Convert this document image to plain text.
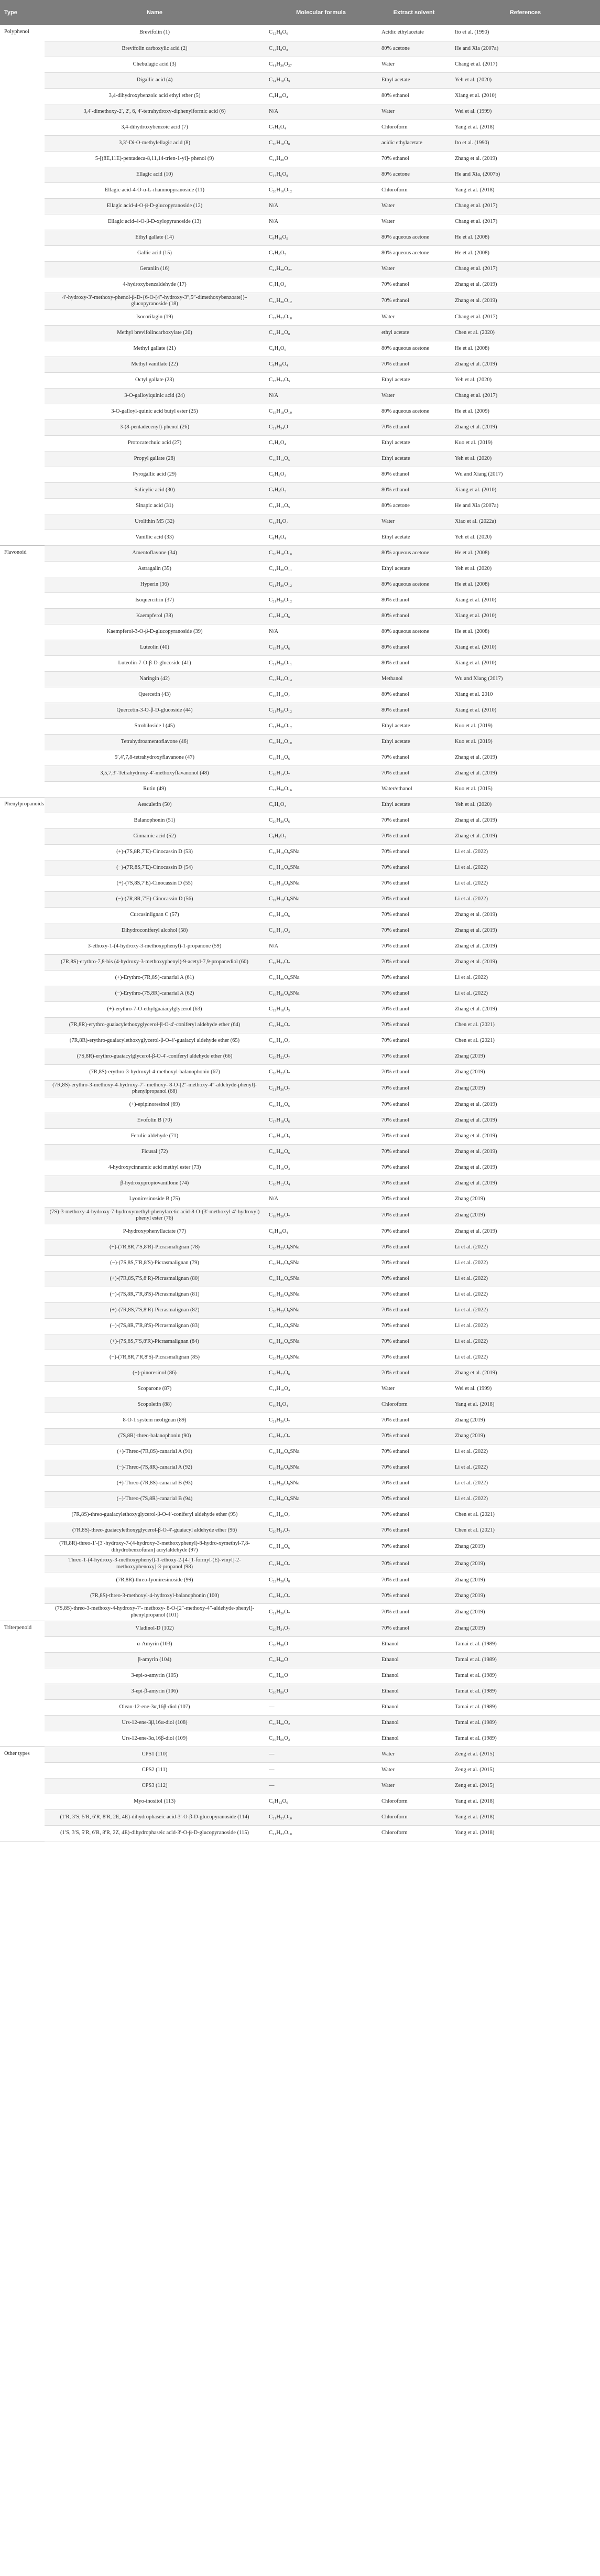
Type	Name	Molecular formula	Extract solvent	References
Polyphenol	Brevifolin (1)	C₁₂H₈O₆	Acidic ethylacetate	Ito et al. (1990)
	Brevifolin carboxylic acid (2)	C₁₃H₈O₈	80% acetone	He and Xia (2007a)
	Chebulagic acid (3)	C₄₁H₃₀O₂₇	Water	Chang et al. (2017)
	Digallic acid (4)	C₁₄H₁₀O₉	Ethyl acetate	Yeh et al. (2020)
	3,4-dihydroxybenzoic acid ethyl ether (5)	C₉H₁₀O₄	80% ethanol	Xiang et al. (2010)
	3,4′-dimethoxy-2′, 2′, 6, 4′-tetrahydroxy-diphenylformic acid (6)	N/A	Water	Wei et al. (1999)
	3,4-dihydroxybenzoic acid (7)	C₇H₆O₄	Chloroform	Yang et al. (2018)
	3,3′-Di-O-methylellagic acid (8)	C₁₆H₁₀O₈	acidic ethylacetate	Ito et al. (1990)
	5-[(8E,11E)-pentadeca-8,11,14-trien-1-yl]- phenol (9)	C₂₁H₃₀O	70% ethanol	Zhang et al. (2019)
	Ellagic acid (10)	C₁₄H₆O₈	80% acetone	He and Xia, (2007b)
	Ellagic acid-4-O-α-L-rhamnopyranoside (11)	C₂₀H₁₆O₁₂	Chloroform	Yang et al. (2018)
	Ellagic acid-4-O-β-D-glucopyranoside (12)	N/A	Water	Chang et al. (2017)
	Ellagic acid-4-O-β-D-xylopyranoside (13)	N/A	Water	Chang et al. (2017)
	Ethyl gallate (14)	C₉H₁₀O₅	80% aqueous acetone	He et al. (2008)
	Gallic acid (15)	C₇H₆O₅	80% aqueous acetone	He et al. (2008)
	Geraniin (16)	C₄₁H₂₈O₂₇	Water	Chang et al. (2017)
	4-hydroxybenzaldehyde (17)	C₇H₆O₂	70% ethanol	Zhang et al. (2019)
	4′-hydroxy-3′-methoxy-phenol-β-D-{6-O-[4″-hydroxy-3″,5″-dimethoxybenzoate]}-glucopyranoside (18)	C₂₂H₂₆O₁₂	70% ethanol	Zhang et al. (2019)
	Isocorilagin (19)	C₂₇H₂₂O₁₈	Water	Chang et al. (2017)
	Methyl brevifolincarboxylate (20)	C₁₄H₁₀O₈	ethyl acetate	Chen et al. (2020)
	Methyl gallate (21)	C₈H₈O₅	80% aqueous acetone	He et al. (2008)
	Methyl vanillate (22)	C₉H₁₀O₄	70% ethanol	Zhang et al. (2019)
	Octyl gallate (23)	C₁₅H₂₂O₅	Ethyl acetate	Yeh et al. (2020)
	3-O-galloylquinic acid (24)	N/A	Water	Chang et al. (2017)
	3-O-galloyl-quinic acid butyl ester (25)	C₁₅H₁₈O₁₀	80% aqueous acetone	He et al. (2009)
	3-(8-pentadecenyl)-phenol (26)	C₂₁H₃₄O	70% ethanol	Zhang et al. (2019)
	Protocatechuic acid (27)	C₇H₆O₄	Ethyl acetate	Kuo et al. (2019)
	Propyl gallate (28)	C₁₀H₁₂O₅	Ethyl acetate	Yeh et al. (2020)
	Pyrogallic acid (29)	C₆H₆O₃	80% ethanol	Wu and Xiang (2017)
	Salicylic acid (30)	C₇H₆O₃	80% ethanol	Xiang et al. (2010)
	Sinapic acid (31)	C₁₁H₁₂O₅	80% acetone	He and Xia (2007a)
	Urolithin M5 (32)	C₁₃H₈O₇	Water	Xiao et al. (2022a)
	Vanillic acid (33)	C₈H₈O₄	Ethyl acetate	Yeh et al. (2020)
Flavonoid	Amentoflavone (34)	C₃₀H₁₈O₁₀	80% aqueous acetone	He et al. (2008)
	Astragalin (35)	C₂₁H₂₀O₁₁	Ethyl acetate	Yeh et al. (2020)
	Hyperin (36)	C₂₁H₂₀O₁₂	80% aqueous acetone	He et al. (2008)
	Isoquercitrin (37)	C₂₁H₂₀O₁₂	80% ethanol	Xiang et al. (2010)
	Kaempferol (38)	C₁₅H₁₀O₆	80% ethanol	Xiang et al. (2010)
	Kaempferol-3-O-β-D-glucopyranoside (39)	N/A	80% aqueous acetone	He et al. (2008)
	Luteolin (40)	C₁₅H₁₀O₆	80% ethanol	Xiang et al. (2010)
	Luteolin-7-O-β-D-glucoside (41)	C₂₁H₂₀O₁₁	80% ethanol	Xiang et al. (2010)
	Naringin (42)	C₂₇H₃₂O₁₄	Methanol	Wu and Xiang (2017)
	Quercetin (43)	C₁₅H₁₀O₇	80% ethanol	Xiang et al. 2010
	Quercetin-3-O-β-D-glucoside (44)	C₂₁H₂₀O₁₂	80% ethanol	Xiang et al. (2010)
	Strobiloside I (45)	C₂₁H₂₀O₁₂	Ethyl acetate	Kuo et al. (2019)
	Tetrahydroamentoflavone (46)	C₃₀H₂₂O₁₀	Ethyl acetate	Kuo et al. (2019)
	5′,4′,7,8-tetrahydroxyflavanone (47)	C₁₅H₁₂O₆	70% ethanol	Zhang et al. (2019)
	3,5,7,3′-Tetrahydroxy-4′-methoxyflavanonol (48)	C₁₆H₁₄O₇	70% ethanol	Zhang et al. (2019)
	Rutin (49)	C₂₇H₃₀O₁₆	Water/ethanol	Kuo et al. (2015)
Phenylpropanoids	Aesculetin (50)	C₉H₆O₄	Ethyl acetate	Yeh et al. (2020)
	Balanophonin (51)	C₂₀H₂₀O₆	70% ethanol	Zhang et al. (2019)
	Cinnamic acid (52)	C₉H₈O₂	70% ethanol	Zhang et al. (2019)
	(+)-(7S,8R,7′E)-Cinocassin D (53)	C₁₉H₁₉O₉SNa	70% ethanol	Li et al. (2022)
	(−)-(7R,8S,7′E)-Cinocassin D (54)	C₁₉H₁₉O₉SNa	70% ethanol	Li et al. (2022)
	(+)-(7S,8S,7′E)-Cinocassin D (55)	C₁₉H₁₉O₉SNa	70% ethanol	Li et al. (2022)
	(−)-(7R,8R,7′E)-Cinocassin D (56)	C₁₉H₁₉O₉SNa	70% ethanol	Li et al. (2022)
	Curcasinlignan C (57)	C₁₉H₁₈O₆	70% ethanol	Zhang et al. (2019)
	Dihydroconiferyl alcohol (58)	C₁₀H₁₄O₃	70% ethanol	Zhang et al. (2019)
	3-ethoxy-1-(4-hydroxy-3-methoxyphenyl)-1-propanone (59)	N/A	70% ethanol	Zhang et al. (2019)
	(7R,8S)-erythro-7,8-bis (4-hydroxy-3-methoxyphenyl)-9-acetyl-7,9-propanediol (60)	C₁₉H₂₂O₇	70% ethanol	Zhang et al. (2019)
	(+)-Erythro-(7R,8S)-canarial A (61)	C₁₉H₂₀O₉SNa	70% ethanol	Li et al. (2022)
	(−)-Erythro-(7S,8R)-canarial A (62)	C₁₉H₂₀O₉SNa	70% ethanol	Li et al. (2022)
	(+)-erythro-7-O-ethylguaiacylglycerol (63)	C₁₂H₁₈O₅	70% ethanol	Zhang et al. (2019)
	(7R,8R)-erythro-guaiacylethoxyglycerol-β-O-4′-coniferyl aldehyde ether (64)	C₂₂H₂₆O₇	70% ethanol	Chen et al. (2021)
	(7R,8R)-erythro-guaiacylethoxyglycerol-β-O-4′-guaiacyl aldehyde ether (65)	C₂₀H₂₄O₇	70% ethanol	Chen et al. (2021)
	(7S,8R)-erythro-guaiacylglycerol-β-O-4′-coniferyl aldehyde ether (66)	C₂₀H₂₂O₇	70% ethanol	Zhang (2019)
	(7R,8S)-erythro-3-hydroxyl-4-methoxyl-balanophonin (67)	C₂₀H₂₂O₇	70% ethanol	Zhang (2019)
	(7R,8S)-erythro-3-methoxy-4-hydroxy-7′- methoxy- 8-O-[2″-methoxy-4″-aldehyde-phenyl]-phenylpropanol (68)	C₂₁H₂₆O₇	70% ethanol	Zhang (2019)
	(+)-epipinoresinol (69)	C₂₀H₂₂O₆	70% ethanol	Zhang et al. (2019)
	Evofolin B (70)	C₁₇H₁₈O₆	70% ethanol	Zhang et al. (2019)
	Ferulic aldehyde (71)	C₁₀H₁₀O₃	70% ethanol	Zhang et al. (2019)
	Ficusal (72)	C₂₀H₂₀O₆	70% ethanol	Zhang et al. (2019)
	4-hydroxycinnamic acid methyl ester (73)	C₁₀H₁₀O₃	70% ethanol	Zhang et al. (2019)
	β-hydroxypropiovanillone (74)	C₁₀H₁₂O₄	70% ethanol	Zhang et al. (2019)
	Lyoniresinoside B (75)	N/A	70% ethanol	Zhang (2019)
	(7S)-3-methoxy-4-hydroxy-7-hydroxymethyl-phenylacetic acid-8-O-(3′-methoxyl-4′-hydroxyl) phenyl ester (76)	C₁₈H₂₀O₇	70% ethanol	Zhang (2019)
	P-hydroxyphenyllactate (77)	C₉H₁₀O₄	70% ethanol	Zhang et al. (2019)
	(+)-(7R,8R,7′S,8′R)-Picrasmalignan (78)	C₂₀H₂₅O₉SNa	70% ethanol	Li et al. (2022)
	(−)-(7S,8S,7′R,8′S)-Picrasmalignan (79)	C₂₀H₂₅O₉SNa	70% ethanol	Li et al. (2022)
	(+)-(7R,8S,7′S,8′R)-Picrasmalignan (80)	C₂₀H₂₅O₉SNa	70% ethanol	Li et al. (2022)
	(−)-(7S,8R,7′R,8′S)-Picrasmalignan (81)	C₂₀H₂₅O₉SNa	70% ethanol	Li et al. (2022)
	(+)-(7R,8S,7′S,8′R)-Picrasmalignan (82)	C₂₀H₂₅O₉SNa	70% ethanol	Li et al. (2022)
	(−)-(7S,8R,7′R,8′S)-Picrasmalignan (83)	C₂₀H₂₅O₉SNa	70% ethanol	Li et al. (2022)
	(+)-(7S,8S,7′S,8′R)-Picrasmalignan (84)	C₂₀H₂₅O₉SNa	70% ethanol	Li et al. (2022)
	(−)-(7R,8R,7′R,8′S)-Picrasmalignan (85)	C₂₀H₂₅O₉SNa	70% ethanol	Li et al. (2022)
	(+)-pinoresinol (86)	C₂₀H₂₂O₆	70% ethanol	Zhang et al. (2019)
	Scoparone (87)	C₁₁H₁₀O₄	Water	Wei et al. (1999)
	Scopoletin (88)	C₁₀H₈O₄	Chloroform	Yang et al. (2018)
	8-O-1 system neolignan (89)	C₂₁H₂₆O₇	70% ethanol	Zhang (2019)
	(7S,8R)-threo-balanophonin (90)	C₂₀H₂₂O₇	70% ethanol	Zhang (2019)
	(+)-Threo-(7R,8S)-canarial A (91)	C₁₉H₂₀O₉SNa	70% ethanol	Li et al. (2022)
	(−)-Threo-(7S,8R)-canarial A (92)	C₁₉H₂₀O₉SNa	70% ethanol	Li et al. (2022)
	(+)-Threo-(7R,8S)-canarial B (93)	C₁₉H₂₀O₉SNa	70% ethanol	Li et al. (2022)
	(−)-Threo-(7S,8R)-canarial B (94)	C₁₉H₂₀O₉SNa	70% ethanol	Li et al. (2022)
	(7R,8S)-threo-guaiacylethoxyglycerol-β-O-4′-coniferyl aldehyde ether (95)	C₂₂H₂₆O₇	70% ethanol	Chen et al. (2021)
	(7R,8S)-threo-guaiacylethoxyglycerol-β-O-4′-guaiacyl aldehyde ether (96)	C₂₀H₂₄O₇	70% ethanol	Chen et al. (2021)
	(7R,8R)-threo-1′-[3′-hydroxy-7-(4-hydroxy-3-methoxyphenyl)-8-hydro-xymethyl-7,8-dihydrobenzofuran] acrylaldehyde (97)	C₁₉H₁₈O₆	70% ethanol	Zhang (2019)
	Threo-1-(4-hydroxy-3-methoxyphenyl)-1-ethoxy-2-[4-[1-formyl-(E)-vinyl]-2-methoxyphenoxy]-3-propanol (98)	C₂₂H₂₆O₇	70% ethanol	Zhang (2019)
	(7R,8R)-threo-lyoniresinoside (99)	C₂₂H₂₈O₈	70% ethanol	Zhang (2019)
	(7R,8S)-threo-3-methoxyl-4-hydroxyl-balanophonin (100)	C₂₀H₂₂O₇	70% ethanol	Zhang (2019)
	(7S,8S)-threo-3-methoxy-4-hydroxy-7′- methoxy- 8-O-[2″-methoxy-4″-aldehyde-phenyl]-phenylpropanol (101)	C₂₁H₂₆O₇	70% ethanol	Zhang (2019)
Triterpenoid	Vladinol-D (102)	C₂₀H₂₄O₇	70% ethanol	Zhang (2019)
	α-Amyrin (103)	C₃₀H₅₀O	Ethanol	Tamai et al. (1989)
	β-amyrin (104)	C₃₀H₅₀O	Ethanol	Tamai et al. (1989)
	3-epi-α-amyrin (105)	C₃₀H₅₀O	Ethanol	Tamai et al. (1989)
	3-epi-β-amyrin (106)	C₃₀H₅₀O	Ethanol	Tamai et al. (1989)
	Olean-12-ene-3α,16β-diol (107)	—	Ethanol	Tamai et al. (1989)
	Urs-12-ene-3β,16α-diol (108)	C₃₀H₅₀O₂	Ethanol	Tamai et al. (1989)
	Urs-12-ene-3α,16β-diol (109)	C₃₀H₅₀O₂	Ethanol	Tamai et al. (1989)
Other types	CPS1 (110)	—	Water	Zeng et al. (2015)
	CPS2 (111)	—	Water	Zeng et al. (2015)
	CPS3 (112)	—	Water	Zeng et al. (2015)
	Myo-inositol (113)	C₆H₁₂O₆	Chloroform	Yang et al. (2018)
	(1′R, 3′S, 5′R, 6′R, 8′R, 2E, 4E)-dihydrophaseic acid-3′-O-β-D-glucopyranoside (114)	C₂₁H₃₂O₁₀	Chloroform	Yang et al. (2018)
	(1′S, 3′S, 5′R, 6′R, 8′R, 2Z, 4E)-dihydrophaseic acid-3′-O-β-D-glucopyranoside (115)	C₂₁H₃₂O₁₀	Chloroform	Yang et al. (2018)
